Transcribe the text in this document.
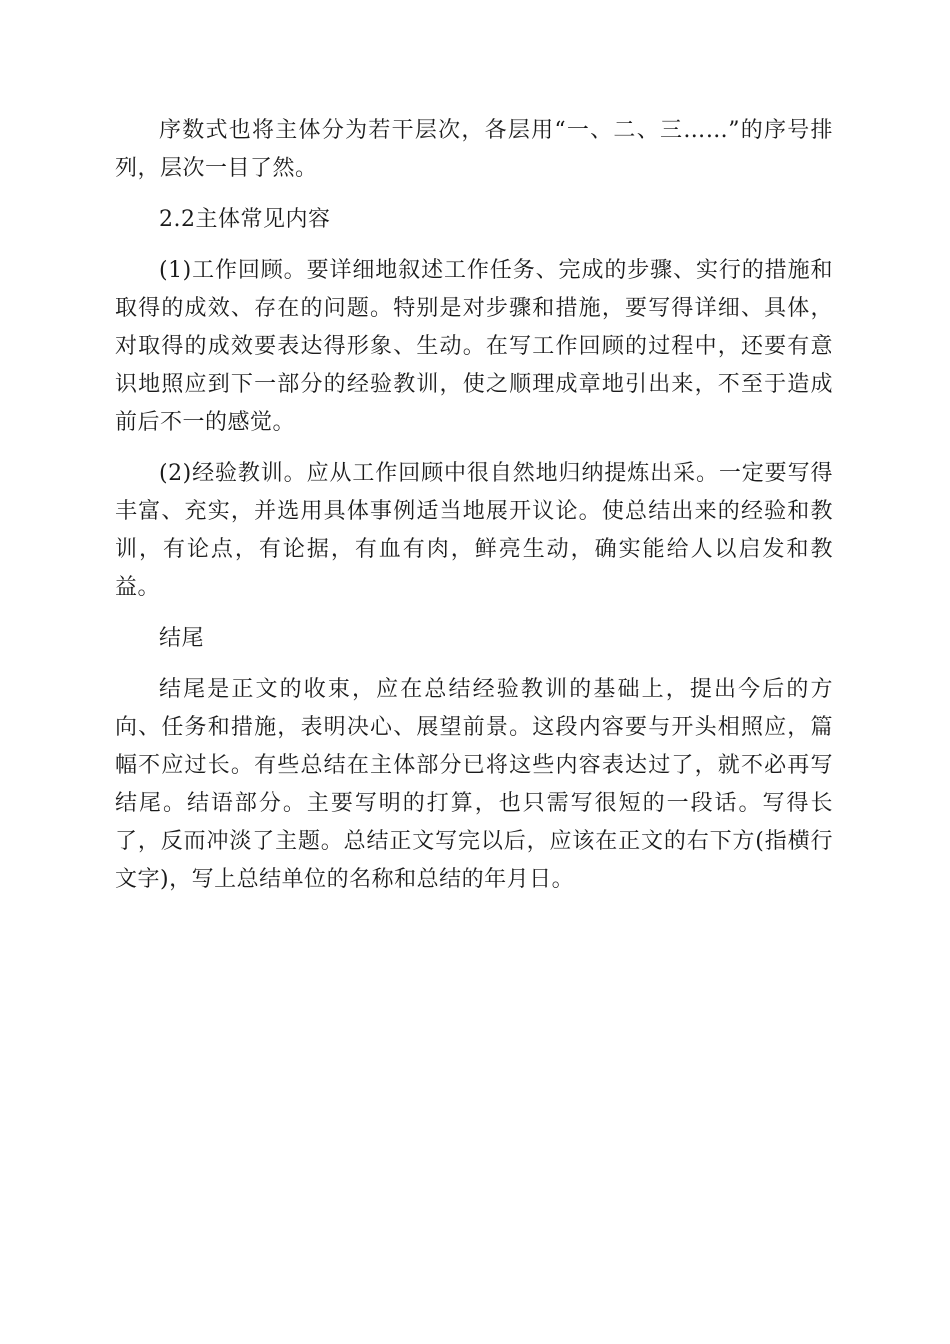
序数式也将主体分为若干层次，各层用“一、二、三……”的序号排列，层次一目了然。

2.2主体常见内容

(1)工作回顾。要详细地叙述工作任务、完成的步骤、实行的措施和取得的成效、存在的问题。特别是对步骤和措施，要写得详细、具体，对取得的成效要表达得形象、生动。在写工作回顾的过程中，还要有意识地照应到下一部分的经验教训，使之顺理成章地引出来，不至于造成前后不一的感觉。

(2)经验教训。应从工作回顾中很自然地归纳提炼出采。一定要写得丰富、充实，并选用具体事例适当地展开议论。使总结出来的经验和教训，有论点，有论据，有血有肉，鲜亮生动，确实能给人以启发和教益。

结尾

结尾是正文的收束，应在总结经验教训的基础上，提出今后的方向、任务和措施，表明决心、展望前景。这段内容要与开头相照应，篇幅不应过长。有些总结在主体部分已将这些内容表达过了，就不必再写结尾。结语部分。主要写明的打算，也只需写很短的一段话。写得长了，反而冲淡了主题。总结正文写完以后，应该在正文的右下方(指横行文字)，写上总结单位的名称和总结的年月日。
